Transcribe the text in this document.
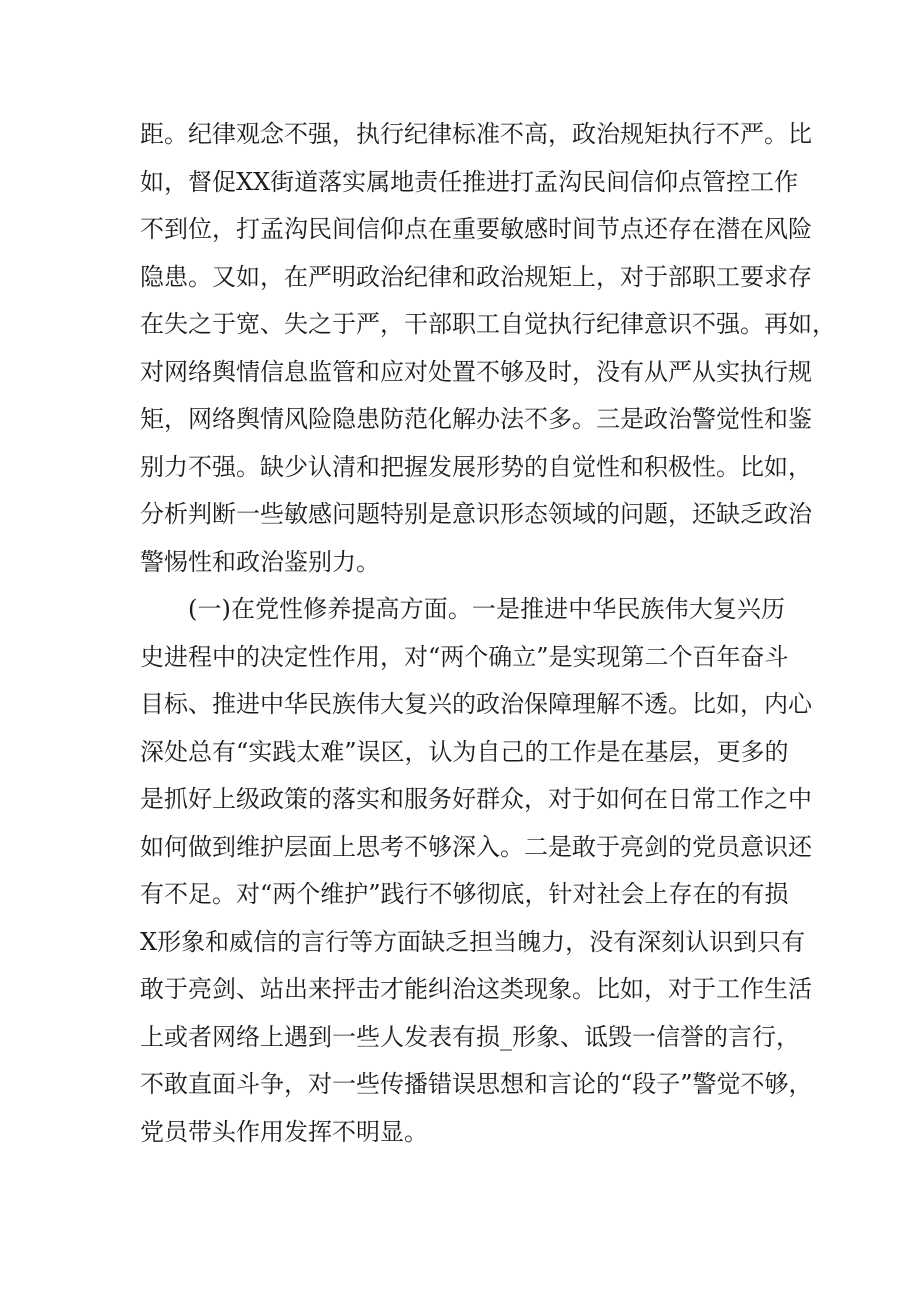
距。纪律观念不强，执行纪律标准不高，政治规矩执行不严。比
如，督促XX街道落实属地责任推进打孟沟民间信仰点管控工作
不到位，打孟沟民间信仰点在重要敏感时间节点还存在潜在风险
隐患。又如，在严明政治纪律和政治规矩上，对于部职工要求存
在失之于宽、失之于严，干部职工自觉执行纪律意识不强。再如，
对网络舆情信息监管和应对处置不够及时，没有从严从实执行规
矩，网络舆情风险隐患防范化解办法不多。三是政治警觉性和鉴
别力不强。缺少认清和把握发展形势的自觉性和积极性。比如，
分析判断一些敏感问题特别是意识形态领域的问题，还缺乏政治
警惕性和政治鉴别力。
(一)在党性修养提高方面。一是推进中华民族伟大复兴历
史进程中的决定性作用，对“两个确立”是实现第二个百年奋斗
目标、推进中华民族伟大复兴的政治保障理解不透。比如，内心
深处总有“实践太难”误区，认为自己的工作是在基层，更多的
是抓好上级政策的落实和服务好群众，对于如何在日常工作之中
如何做到维护层面上思考不够深入。二是敢于亮剑的党员意识还
有不足。对“两个维护”践行不够彻底，针对社会上存在的有损
X形象和威信的言行等方面缺乏担当魄力，没有深刻认识到只有
敢于亮剑、站出来抨击才能纠治这类现象。比如，对于工作生活
上或者网络上遇到一些人发表有损_形象、诋毁一信誉的言行，
不敢直面斗争，对一些传播错误思想和言论的“段子”警觉不够，
党员带头作用发挥不明显。
